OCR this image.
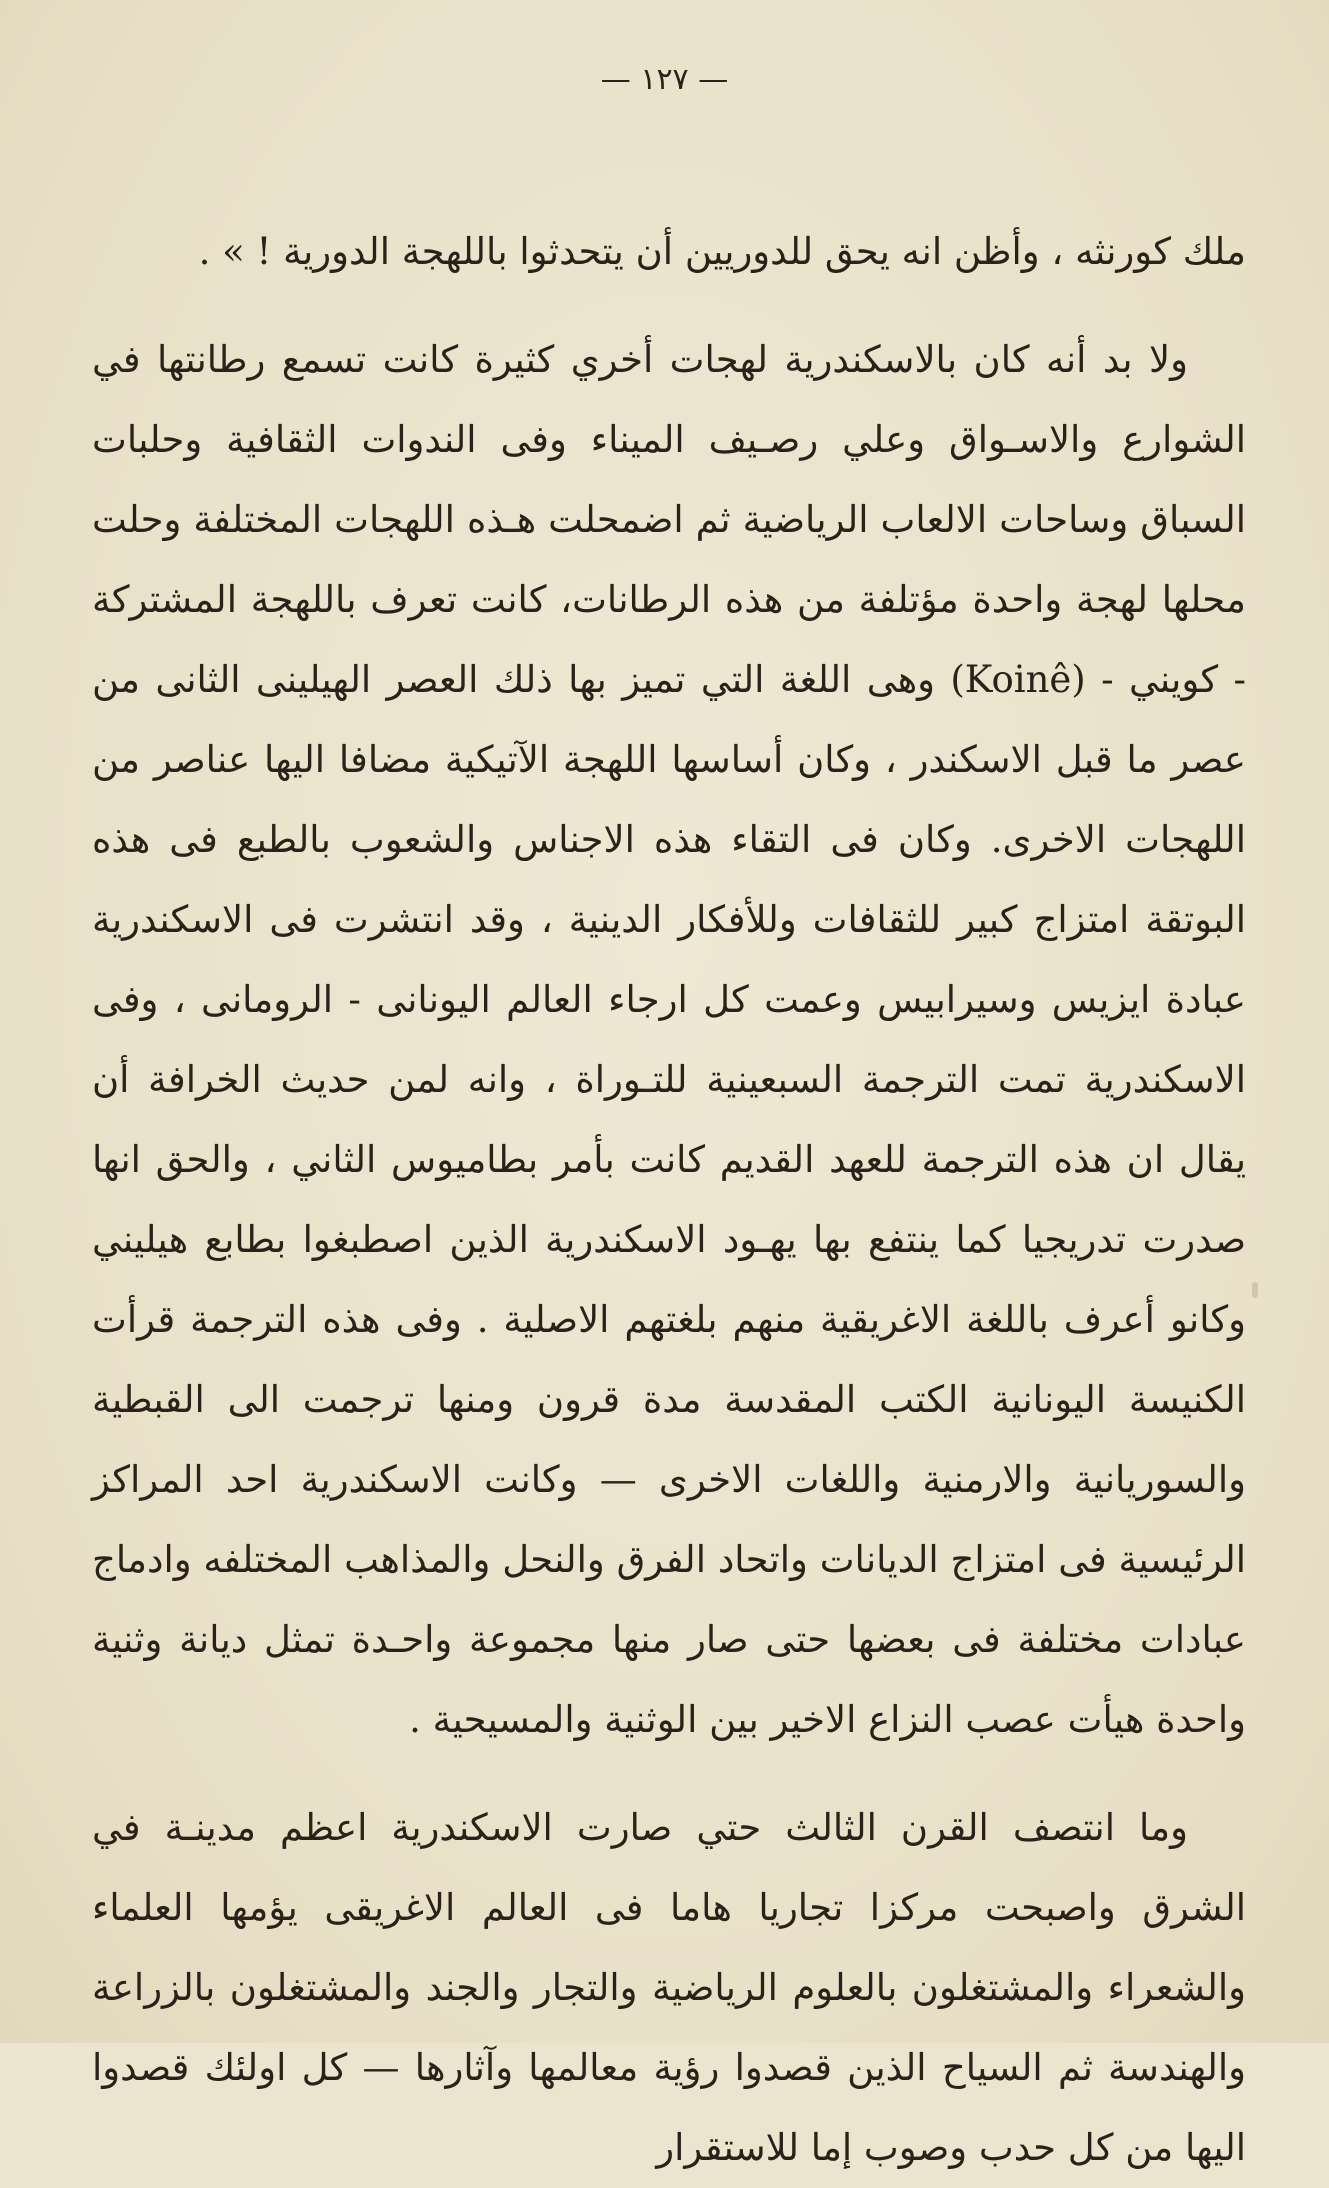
— ١٢٧ —

ملك كورنثه ، وأظن انه يحق للدوريين أن يتحدثوا باللهجة الدورية ! » .

ولا بد أنه كان بالاسكندرية لهجات أخري كثيرة كانت تسمع رطانتها في الشوارع والاسـواق وعلي رصـيف الميناء وفى الندوات الثقافية وحلبات السباق وساحات الالعاب الرياضية ثم اضمحلت هـذه اللهجات المختلفة وحلت محلها لهجة واحدة مؤتلفة من هذه الرطانات، كانت تعرف باللهجة المشتركة - كويني - (Koinê) وهى اللغة التي تميز بها ذلك العصر الهيلينى الثانى من عصر ما قبل الاسكندر ، وكان أساسها اللهجة الآتيكية مضافا اليها عناصر من اللهجات الاخرى. وكان فى التقاء هذه الاجناس والشعوب بالطبع فى هذه البوتقة امتزاج كبير للثقافات وللأفكار الدينية ، وقد انتشرت فى الاسكندرية عبادة ايزيس وسيرابيس وعمت كل ارجاء العالم اليونانى - الرومانى ، وفى الاسكندرية تمت الترجمة السبعينية للتـوراة ، وانه لمن حديث الخرافة أن يقال ان هذه الترجمة للعهد القديم كانت بأمر بطاميوس الثاني ، والحق انها صدرت تدريجيا كما ينتفع بها يهـود الاسكندرية الذين اصطبغوا بطابع هيليني وكانو أعرف باللغة الاغريقية منهم بلغتهم الاصلية . وفى هذه الترجمة قرأت الكنيسة اليونانية الكتب المقدسة مدة قرون ومنها ترجمت الى القبطية والسوريانية والارمنية واللغات الاخرى — وكانت الاسكندرية احد المراكز الرئيسية فى امتزاج الديانات واتحاد الفرق والنحل والمذاهب المختلفه وادماج عبادات مختلفة فى بعضها حتى صار منها مجموعة واحـدة تمثل ديانة وثنية واحدة هيأت عصب النزاع الاخير بين الوثنية والمسيحية .

وما انتصف القرن الثالث حتي صارت الاسكندرية اعظم مدينـة في الشرق واصبحت مركزا تجاريا هاما فى العالم الاغريقى يؤمها العلماء والشعراء والمشتغلون بالعلوم الرياضية والتجار والجند والمشتغلون بالزراعة والهندسة ثم السياح الذين قصدوا رؤية معالمها وآثارها — كل اولئك قصدوا اليها من كل حدب وصوب إما للاستقرار
